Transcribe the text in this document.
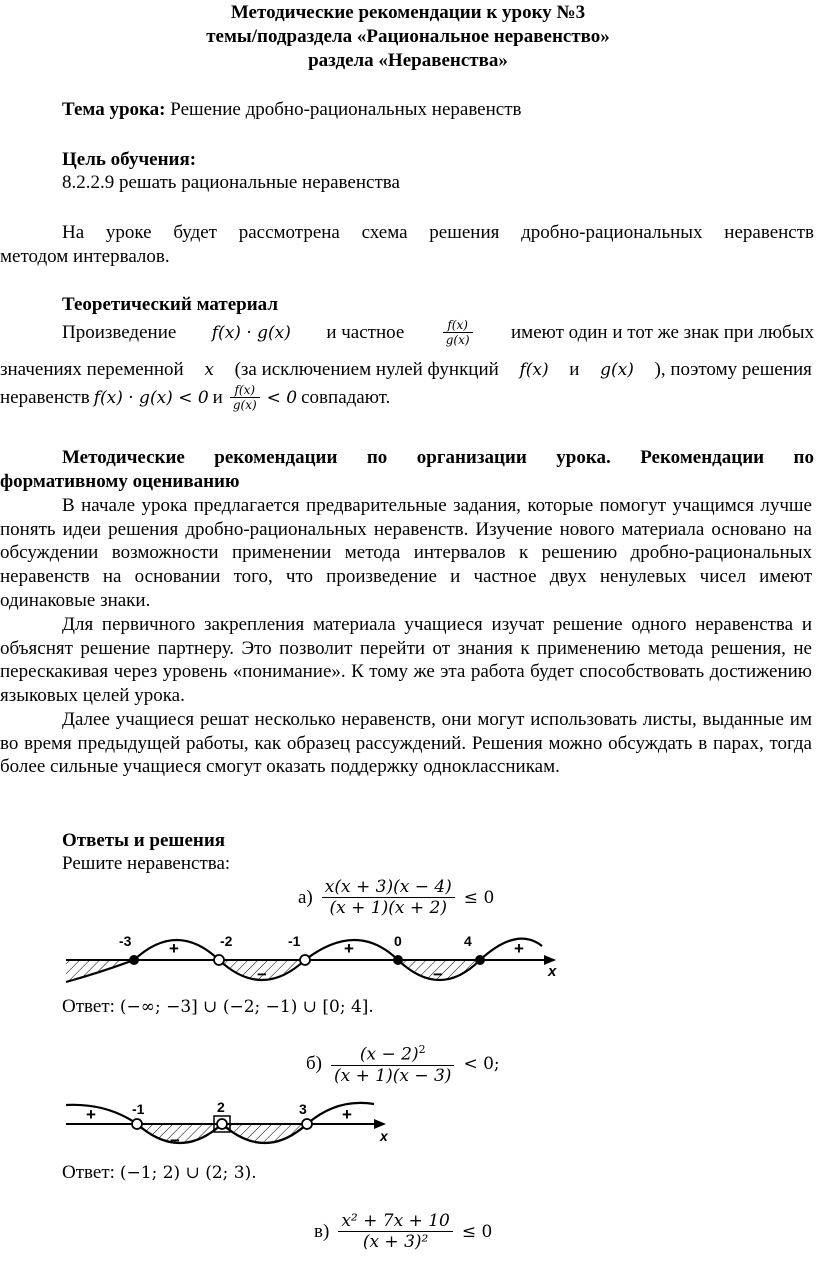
Методические рекомендации к уроку №3
темы/подраздела «Рациональное неравенство»
раздела «Неравенства»
Тема урока: Решение дробно-рациональных неравенств
Цель обучения:
8.2.2.9 решать рациональные неравенства
На уроке будет рассмотрена схема решения дробно-рациональных неравенств
методом интервалов.
Теоретический материал
Произведение f(x) · g(x) и частное	$\frac{f(x)}{g(x)}$ имеют один и тот же знак при любых
значениях переменной x (за исключением нулей функций f(x) и g(x) ), поэтому решения
неравенств f(x) · g(x) < 0 и $\frac{f(x)}{g(x)} < 0$ совпадают.
Методические рекомендации по организации урока. Рекомендации по
формативному оцениванию
В начале урока предлагается предварительные задания, которые помогут учащимся лучше понять идеи решения дробно-рациональных неравенств. Изучение нового материала основано на обсуждении возможности применении метода интервалов к решению дробно-рациональных неравенств на основании того, что произведение и частное двух ненулевых чисел имеют одинаковые знаки.
Для первичного закрепления материала учащиеся изучат решение одного неравенства и объяснят решение партнеру. Это позволит перейти от знания к применению метода решения, не перескакивая через уровень «понимание». К тому же эта работа будет способствовать достижению языковых целей урока.
Далее учащиеся решат несколько неравенств, они могут использовать листы, выданные им во время предыдущей работы, как образец рассуждений. Решения можно обсуждать в парах, тогда более сильные учащиеся смогут оказать поддержку одноклассникам.
Ответы и решения
Решите неравенства:
$а) \frac{x(x + 3)(x - 4)}{(x + 1)(x + 2)} \le 0$
x
-3	-2	-1	0	4
+
−
+
−
+
Ответ: (−∞; −3] ∪ (−2; −1) ∪ [0; 4].
$б) \frac{(x - 2)^2}{(x + 1)(x - 3)} < 0$;
x
-1	2	3
+
−
+
Ответ: (−1; 2) ∪ (2; 3).
$в) \frac{\text{x² + 7x + 10}}{\text{(x + 3)²}} \le 0$
